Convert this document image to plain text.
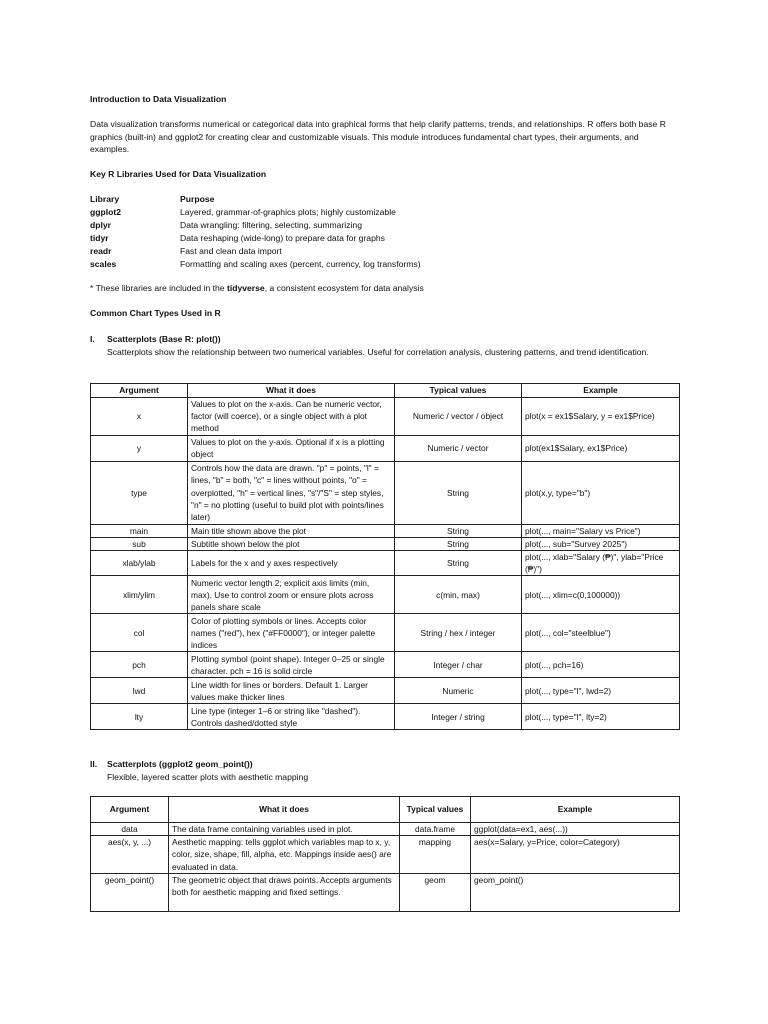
Introduction to Data Visualization
Data visualization transforms numerical or categorical data into graphical forms that help clarify patterns, trends, and relationships. R offers both base R graphics (built-in) and ggplot2 for creating clear and customizable visuals. This module introduces fundamental chart types, their arguments, and examples.
Key R Libraries Used for Data Visualization
Library	Purpose
ggplot2	Layered, grammar-of-graphics plots; highly customizable
dplyr	Data wrangling: filtering, selecting, summarizing
tidyr	Data reshaping (wide-long) to prepare data for graphs
readr	Fast and clean data import
scales	Formatting and scaling axes (percent, currency, log transforms)
* These libraries are included in the tidyverse, a consistent ecosystem for data analysis
Common Chart Types Used in R
I. Scatterplots (Base R: plot())
Scatterplots show the relationship between two numerical variables. Useful for correlation analysis, clustering patterns, and trend identification.
Argument	What it does	Typical values	Example
x	Values to plot on the x-axis. Can be numeric vector, factor (will coerce), or a single object with a plot method	Numeric / vector / object	plot(x = ex1$Salary, y = ex1$Price)
y	Values to plot on the y-axis. Optional if x is a plotting object	Numeric / vector	plot(ex1$Salary, ex1$Price)
type	Controls how the data are drawn. "p" = points, "l" = lines, "b" = both, "c" = lines without points, "o" = overplotted, "h" = vertical lines, "s"/"S" = step styles, "n" = no plotting (useful to build plot with points/lines later)	String	plot(x,y, type="b")
main	Main title shown above the plot	String	plot(..., main="Salary vs Price")
sub	Subtitle shown below the plot	String	plot(..., sub="Survey 2025")
xlab/ylab	Labels for the x and y axes respectively	String	plot(..., xlab="Salary (₱)", ylab="Price (₱)")
xlim/ylim	Numeric vector length 2; explicit axis limits (min, max). Use to control zoom or ensure plots across panels share scale	c(min, max)	plot(..., xlim=c(0,100000))
col	Color of plotting symbols or lines. Accepts color names ("red"), hex ("#FF0000"), or integer palette indices	String / hex / integer	plot(..., col="steelblue")
pch	Plotting symbol (point shape). Integer 0–25 or single character. pch = 16 is solid circle	Integer / char	plot(..., pch=16)
lwd	Line width for lines or borders. Default 1. Larger values make thicker lines	Numeric	plot(..., type="l", lwd=2)
lty	Line type (integer 1–6 or string like "dashed"). Controls dashed/dotted style	Integer / string	plot(..., type="l", lty=2)
II. Scatterplots (ggplot2 geom_point())
Flexible, layered scatter plots with aesthetic mapping
Argument	What it does	Typical values	Example
data	The data frame containing variables used in plot.	data.frame	ggplot(data=ex1, aes(...))
aes(x, y, ...)	Aesthetic mapping: tells ggplot which variables map to x, y, color, size, shape, fill, alpha, etc. Mappings inside aes() are evaluated in data.	mapping	aes(x=Salary, y=Price, color=Category)
geom_point()	The geometric object that draws points. Accepts arguments both for aesthetic mapping and fixed settings.	geom	geom_point()
